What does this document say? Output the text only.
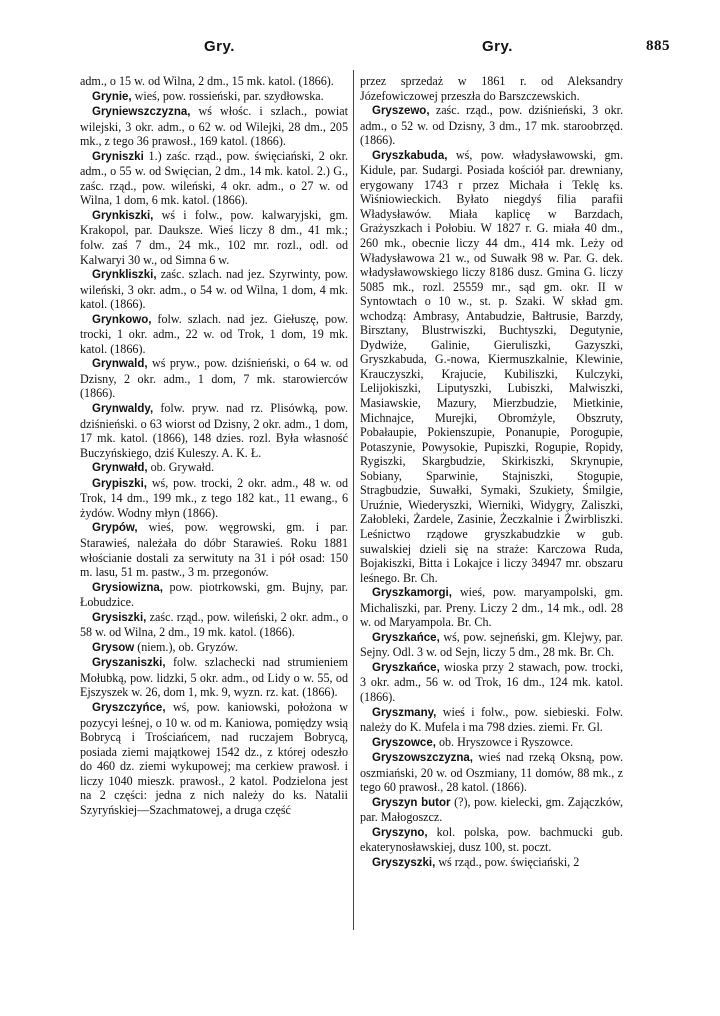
Gry.	Gry.	885
adm., o 15 w. od Wilna, 2 dm., 15 mk. katol. (1866).
Grynie, wieś, pow. rossieński, par. szydłowska.
Gryniewszczyzna, wś włośc. i szlach., powiat wilejski, 3 okr. adm., o 62 w. od Wilejki, 28 dm., 205 mk., z tego 36 prawosł., 169 katol. (1866).
Gryniszki 1.) zaśc. rząd., pow. święciański, 2 okr. adm., o 55 w. od Swięcian, 2 dm., 14 mk. katol. 2.) G., zaśc. rząd., pow. wileński, 4 okr. adm., o 27 w. od Wilna, 1 dom, 6 mk. katol. (1866).
Grynkiszki, wś i folw., pow. kalwaryjski, gm. Krakopol, par. Dauksze. Wieś liczy 8 dm., 41 mk.; folw. zaś 7 dm., 24 mk., 102 mr. rozl., odl. od Kalwaryi 30 w., od Simna 6 w.
Grynkliszki, zaśc. szlach. nad jez. Szyrwinty, pow. wileński, 3 okr. adm., o 54 w. od Wilna, 1 dom, 4 mk. katol. (1866).
Grynkowo, folw. szlach. nad jez. Giełuszę, pow. trocki, 1 okr. adm., 22 w. od Trok, 1 dom, 19 mk. katol. (1866).
Grynwald, wś pryw., pow. dziśnieński, o 64 w. od Dzisny, 2 okr. adm., 1 dom, 7 mk. starowierców (1866).
Grynwaldy, folw. pryw. nad rz. Plisówką, pow. dziśnieński. o 63 wiorst od Dzisny, 2 okr. adm., 1 dom, 17 mk. katol. (1866), 148 dzies. rozl. Była własność Buczyńskiego, dziś Kuleszy. A. K. Ł.
Grynwałd, ob. Grywałd.
Grypiszki, wś, pow. trocki, 2 okr. adm., 48 w. od Trok, 14 dm., 199 mk., z tego 182 kat., 11 ewang., 6 żydów. Wodny młyn (1866).
Grypów, wieś, pow. węgrowski, gm. i par. Starawieś, należała do dóbr Starawieś. Roku 1881 włościanie dostali za serwituty na 31 i pół osad: 150 m. lasu, 51 m. pastw., 3 m. przegonów.
Grysiowizna, pow. piotrkowski, gm. Bujny, par. Łobudzice.
Grysiszki, zaśc. rząd., pow. wileński, 2 okr. adm., o 58 w. od Wilna, 2 dm., 19 mk. katol. (1866).
Grysow (niem.), ob. Gryzów.
Gryszaniszki, folw. szlachecki nad strumieniem Mołubką, pow. lidzki, 5 okr. adm., od Lidy o w. 55, od Ejszyszek w. 26, dom 1, mk. 9, wyzn. rz. kat. (1866).
Gryszczyńce, wś, pow. kaniowski, położona w pozycyi leśnej, o 10 w. od m. Kaniowa, pomiędzy wsią Bobrycą i Trościańcem, nad ruczajem Bobrycą, posiada ziemi majątkowej 1542 dz., z której odeszło do 460 dz. ziemi wykupowej; ma cerkiew prawosł. i liczy 1040 mieszk. prawosł., 2 katol. Podzielona jest na 2 części: jedna z nich należy do ks. Natalii Szyryńskiej—Szachmatowej, a druga część
przez sprzedaż w 1861 r. od Aleksandry Józefowiczowej przeszła do Barszczewskich.
Gryszewo, zaśc. rząd., pow. dziśnieński, 3 okr. adm., o 52 w. od Dzisny, 3 dm., 17 mk. staroobrzęd. (1866).
Gryszkabuda, wś, pow. władysławowski, gm. Kidule, par. Sudargi. Posiada kościół par. drewniany, erygowany 1743 r przez Michała i Teklę ks. Wiśniowieckich. Byłato niegdyś filia parafii Władysławów. Miała kaplicę w Barzdach, Grażyszkach i Połobiu. W 1827 r. G. miała 40 dm., 260 mk., obecnie liczy 44 dm., 414 mk. Leży od Władysławowa 21 w., od Suwałk 98 w. Par. G. dek. władysławowskiego liczy 8186 dusz. Gmina G. liczy 5085 mk., rozl. 25559 mr., sąd gm. okr. II w Syntowtach o 10 w., st. p. Szaki. W skład gm. wchodzą: Ambrasy, Antabudzie, Bałtrusie, Barzdy, Birsztany, Blustrwiszki, Buchtyszki, Degutynie, Dydwiże, Galinie, Gieruliszki, Gazyszki, Gryszkabuda, G.-nowa, Kiermuszkalnie, Klewinie, Krauczyszki, Krajucie, Kubiliszki, Kulczyki, Lelijokiszki, Liputyszki, Lubiszki, Malwiszki, Masiawskie, Mazury, Mierzbudzie, Mietkinie, Michnajce, Murejki, Obromżyle, Obszruty, Pobałaupie, Pokienszupie, Ponanupie, Porogupie, Potaszynie, Powysokie, Pupiszki, Rogupie, Ropidy, Rygiszki, Skargbudzie, Skirkiszki, Skrynupie, Sobiany, Sparwinie, Stajniszki, Stogupie, Stragbudzie, Suwałki, Symaki, Szukiety, Śmilgie, Uruźnie, Wiederyszki, Wierniki, Widygry, Zaliszki, Załobleki, Żardele, Zasinie, Żeczkalnie i Żwirbliszki. Leśnictwo rządowe gryszkabudzkie w gub. suwalskiej dzieli się na straże: Karczowa Ruda, Bojakiszki, Bitta i Lokajce i liczy 34947 mr. obszaru leśnego. Br. Ch.
Gryszkamorgi, wieś, pow. maryampolski, gm. Michaliszki, par. Preny. Liczy 2 dm., 14 mk., odl. 28 w. od Maryampola. Br. Ch.
Gryszkańce, wś, pow. sejneński, gm. Klejwy, par. Sejny. Odl. 3 w. od Sejn, liczy 5 dm., 28 mk. Br. Ch.
Gryszkańce, wioska przy 2 stawach, pow. trocki, 3 okr. adm., 56 w. od Trok, 16 dm., 124 mk. katol. (1866).
Gryszmany, wieś i folw., pow. siebieski. Folw. należy do K. Mufela i ma 798 dzies. ziemi. Fr. Gl.
Gryszowce, ob. Hryszowce i Ryszowce.
Gryszowszczyzna, wieś nad rzeką Oksną, pow. oszmiański, 20 w. od Oszmiany, 11 domów, 88 mk., z tego 60 prawosł., 28 katol. (1866).
Gryszyn butor (?), pow. kielecki, gm. Zajączków, par. Małogoszcz.
Gryszyno, kol. polska, pow. bachmucki gub. ekaterynosławskiej, dusz 100, st. poczt.
Gryszyszki, wś rząd., pow. święciański, 2
